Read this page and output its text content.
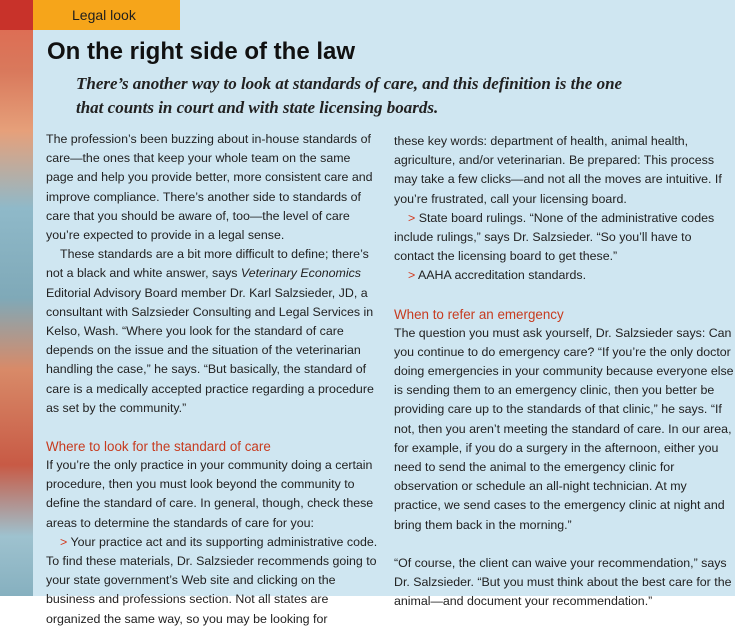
Legal look
On the right side of the law
There’s another way to look at standards of care, and this definition is the one that counts in court and with state licensing boards.

The profession’s been buzzing about in-house standards of care—the ones that keep your whole team on the same page and help you provide better, more consistent care and improve compliance. There’s another side to standards of care that you should be aware of, too—the level of care you’re expected to provide in a legal sense.

These standards are a bit more difficult to define; there’s not a black and white answer, says Veterinary Economics Editorial Advisory Board member Dr. Karl Salzsieder, JD, a consultant with Salzsieder Consulting and Legal Services in Kelso, Wash. “Where you look for the standard of care depends on the issue and the situation of the veterinarian handling the case,” he says. “But basically, the standard of care is a medically accepted practice regarding a procedure as set by the community.”

Where to look for the standard of care

If you’re the only practice in your community doing a certain procedure, then you must look beyond the community to define the standard of care. In general, though, check these areas to determine the standards of care for you:

> Your practice act and its supporting administrative code. To find these materials, Dr. Salzsieder recommends going to your state government’s Web site and clicking on the business and professions section. Not all states are organized the same way, so you may be looking for

these key words: department of health, animal health, agriculture, and/or veterinarian. Be prepared: This process may take a few clicks—and not all the moves are intuitive. If you’re frustrated, call your licensing board.

> State board rulings. “None of the administrative codes include rulings,” says Dr. Salzsieder. “So you’ll have to contact the licensing board to get these.”

> AAHA accreditation standards.

When to refer an emergency

The question you must ask yourself, Dr. Salzsieder says: Can you continue to do emergency care? “If you’re the only doctor doing emergencies in your community because everyone else is sending them to an emergency clinic, then you better be providing care up to the standards of that clinic,” he says. “If not, then you aren’t meeting the standard of care. In our area, for example, if you do a surgery in the afternoon, either you need to send the animal to the emergency clinic for observation or schedule an all-night technician. At my practice, we send cases to the emergency clinic at night and bring them back in the morning.”

“Of course, the client can waive your recommendation,” says Dr. Salzsieder. “But you must think about the best care for the animal—and document your recommendation.”
